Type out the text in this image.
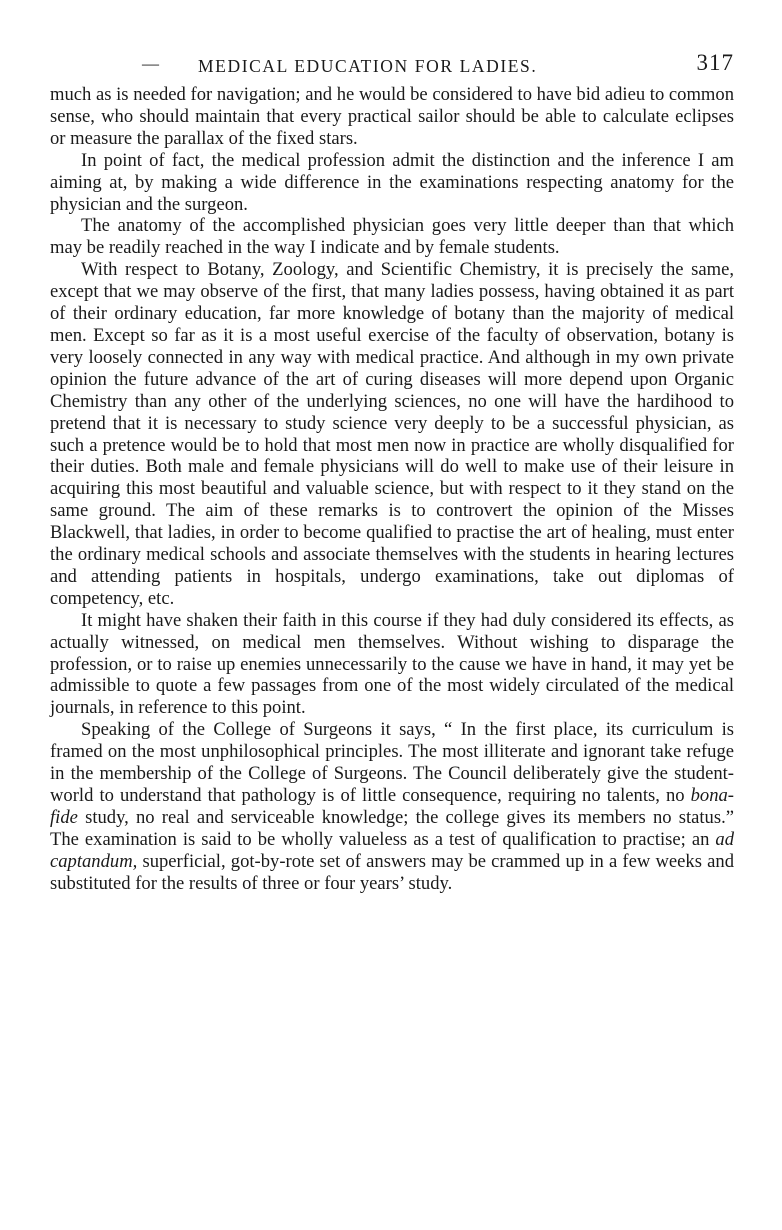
— MEDICAL EDUCATION FOR LADIES.	317

much as is needed for navigation; and he would be considered to have bid adieu to common sense, who should maintain that every practical sailor should be able to calculate eclipses or measure the parallax of the fixed stars.

In point of fact, the medical profession admit the distinction and the inference I am aiming at, by making a wide difference in the examinations respecting anatomy for the physician and the surgeon.

The anatomy of the accomplished physician goes very little deeper than that which may be readily reached in the way I indicate and by female students.

With respect to Botany, Zoology, and Scientific Chemistry, it is precisely the same, except that we may observe of the first, that many ladies possess, having obtained it as part of their ordinary education, far more knowledge of botany than the majority of medical men. Except so far as it is a most useful exercise of the faculty of observation, botany is very loosely connected in any way with medical practice. And although in my own private opinion the future advance of the art of curing diseases will more depend upon Organic Chemistry than any other of the underlying sciences, no one will have the hardihood to pretend that it is necessary to study science very deeply to be a successful physician, as such a pretence would be to hold that most men now in practice are wholly disqualified for their duties. Both male and female physicians will do well to make use of their leisure in acquiring this most beautiful and valuable science, but with respect to it they stand on the same ground. The aim of these remarks is to controvert the opinion of the Misses Blackwell, that ladies, in order to become qualified to practise the art of healing, must enter the ordinary medical schools and associate themselves with the students in hearing lectures and attending patients in hospitals, undergo examinations, take out diplomas of competency, etc.

It might have shaken their faith in this course if they had duly considered its effects, as actually witnessed, on medical men themselves. Without wishing to disparage the profession, or to raise up enemies unnecessarily to the cause we have in hand, it may yet be admissible to quote a few passages from one of the most widely circulated of the medical journals, in reference to this point.

Speaking of the College of Surgeons it says, “ In the first place, its curriculum is framed on the most unphilosophical principles. The most illiterate and ignorant take refuge in the membership of the College of Surgeons. The Council deliberately give the student-world to understand that pathology is of little consequence, requiring no talents, no bona-fide study, no real and serviceable knowledge; the college gives its members no status.” The examination is said to be wholly valueless as a test of qualification to practise; an ad captandum, superficial, got-by-rote set of answers may be crammed up in a few weeks and substituted for the results of three or four years’ study.
